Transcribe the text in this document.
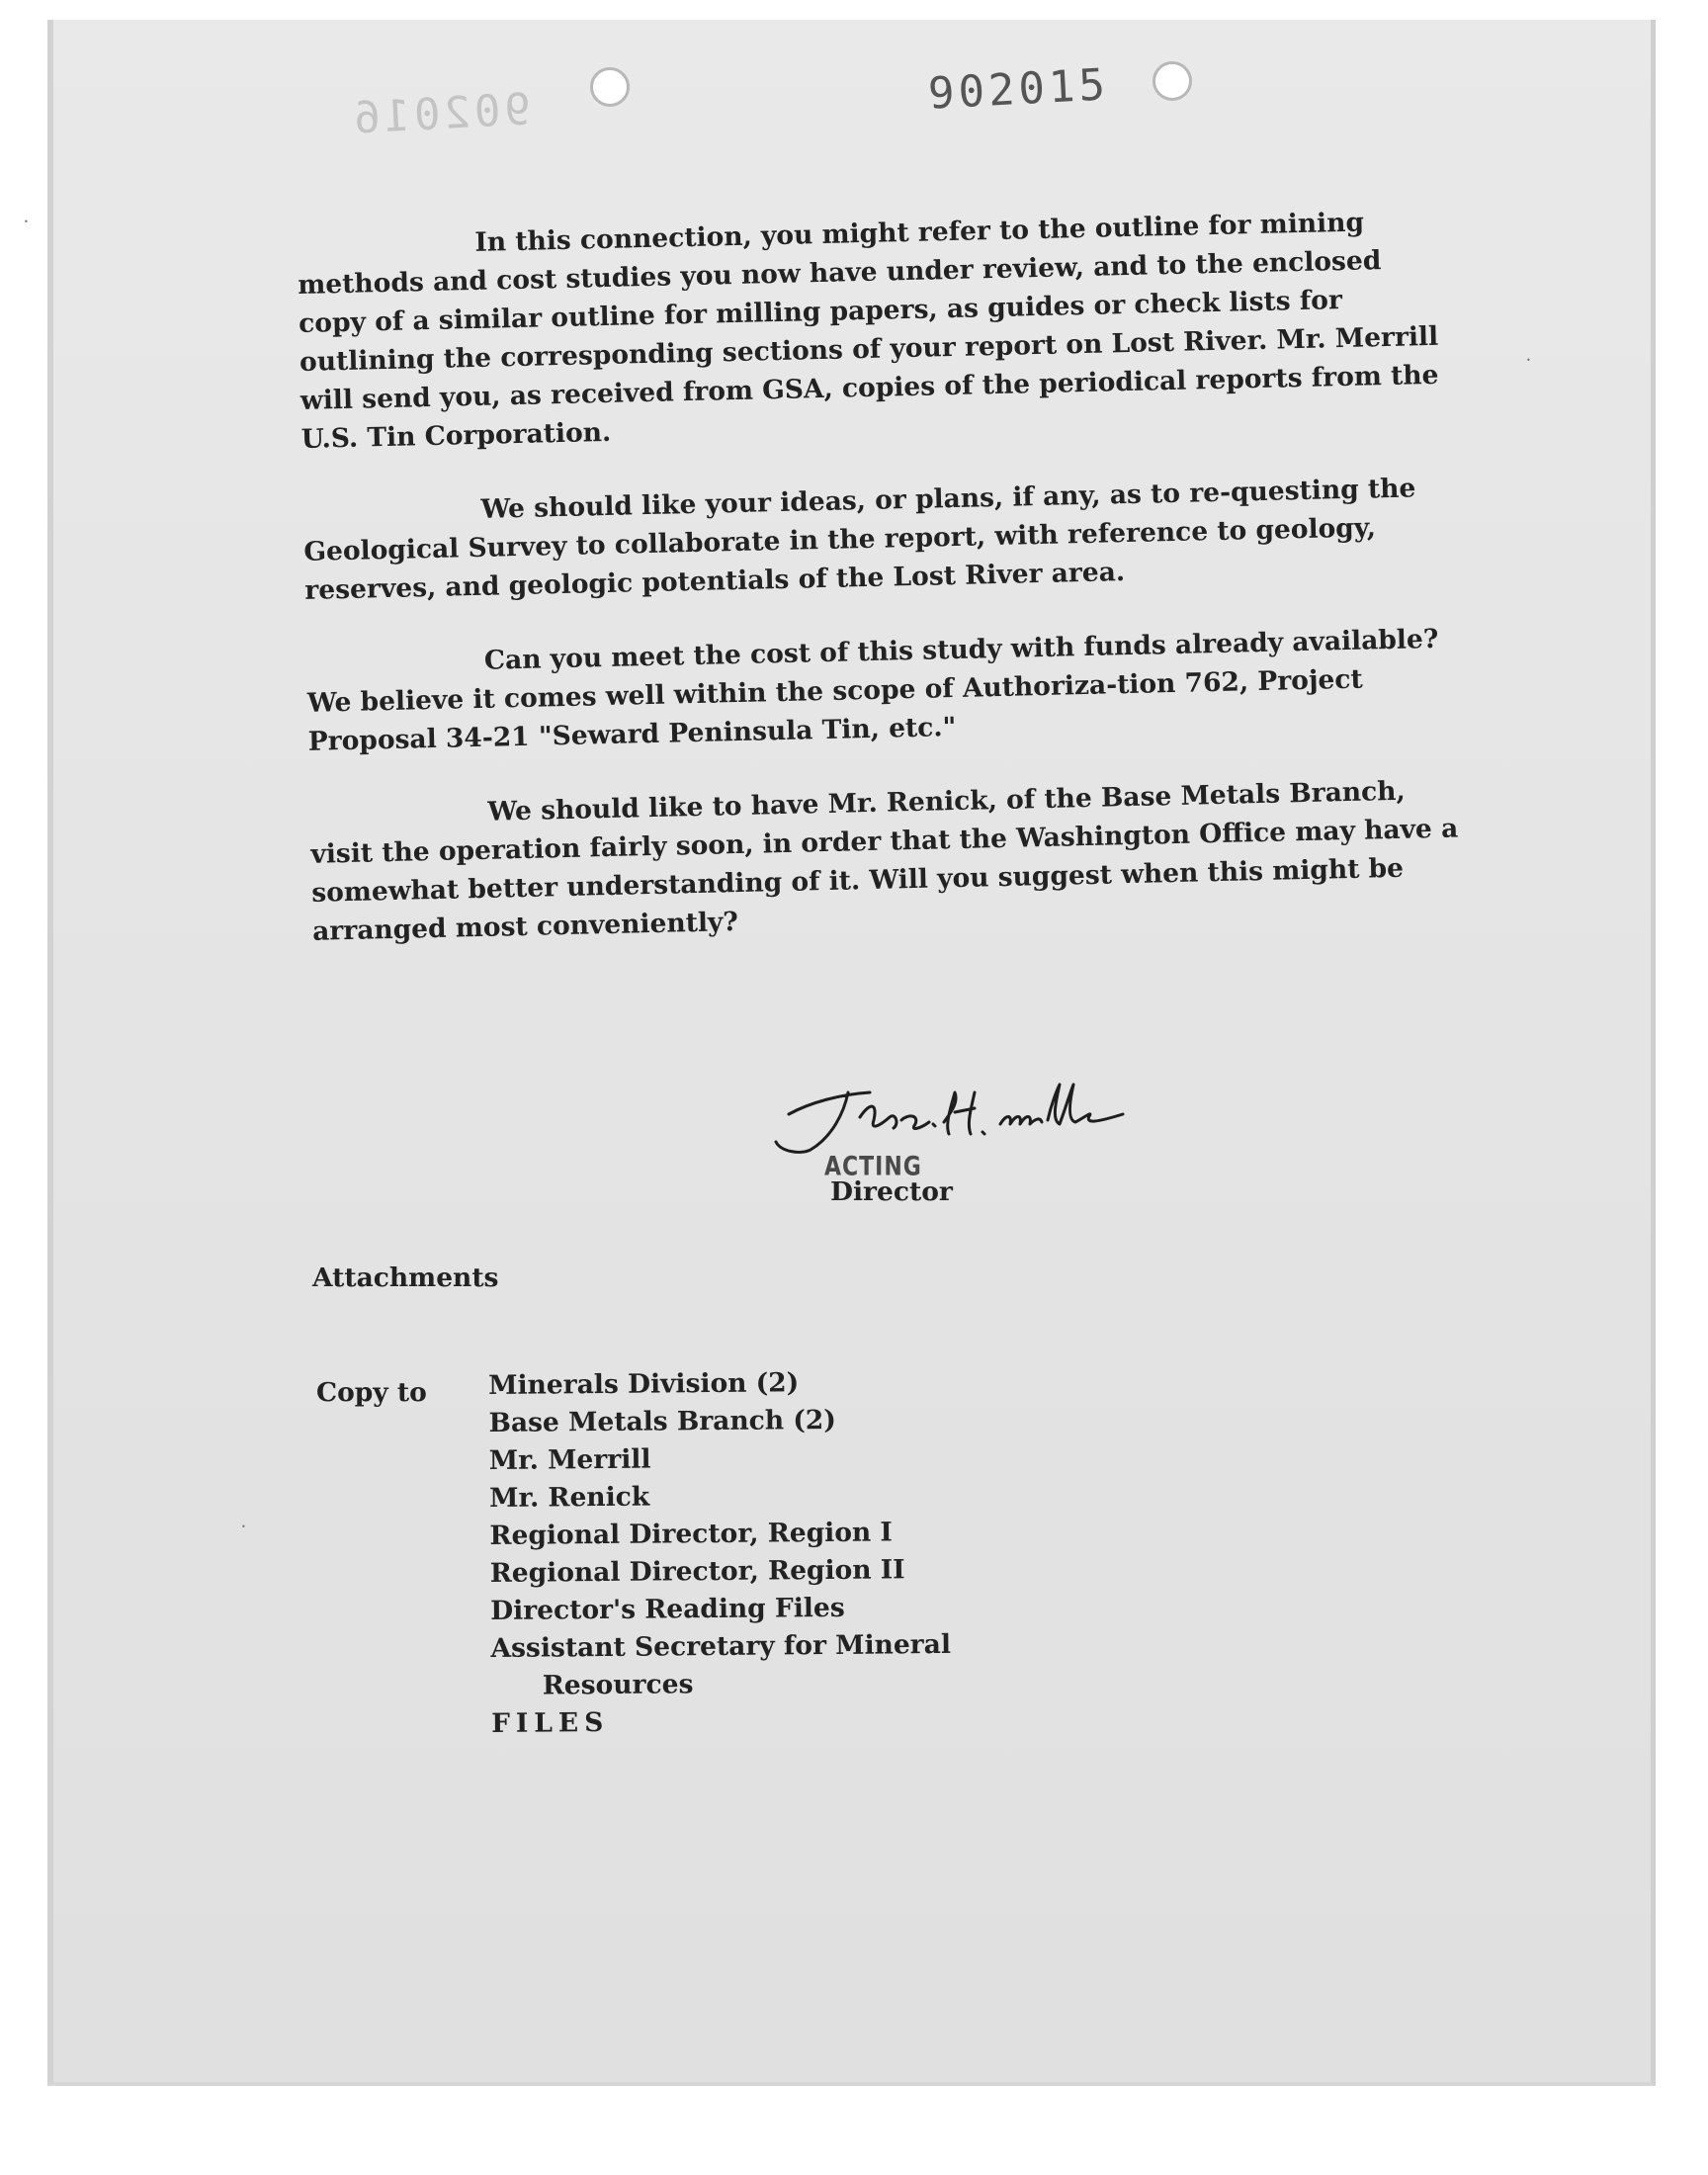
902016	902015
•
•
•

In this connection, you might refer to the outline for mining methods and cost studies you now have under review, and to the enclosed copy of a similar outline for milling papers, as guides or check lists for outlining the corresponding sections of your report on Lost River. Mr. Merrill will send you, as received from GSA, copies of the periodical reports from the U.S. Tin Corporation.

We should like your ideas, or plans, if any, as to re-questing the Geological Survey to collaborate in the report, with reference to geology, reserves, and geologic potentials of the Lost River area.

Can you meet the cost of this study with funds already available? We believe it comes well within the scope of Authoriza-tion 762, Project Proposal 34-21 "Seward Peninsula Tin, etc."

We should like to have Mr. Renick, of the Base Metals Branch, visit the operation fairly soon, in order that the Washington Office may have a somewhat better understanding of it. Will you suggest when this might be arranged most conveniently?

ACTING
Director
Attachments
Copy to Minerals Division (2)
Base Metals Branch (2)
Mr. Merrill
Mr. Renick
Regional Director, Region I
Regional Director, Region II
Director's Reading Files
Assistant Secretary for Mineral
Resources
FILES
